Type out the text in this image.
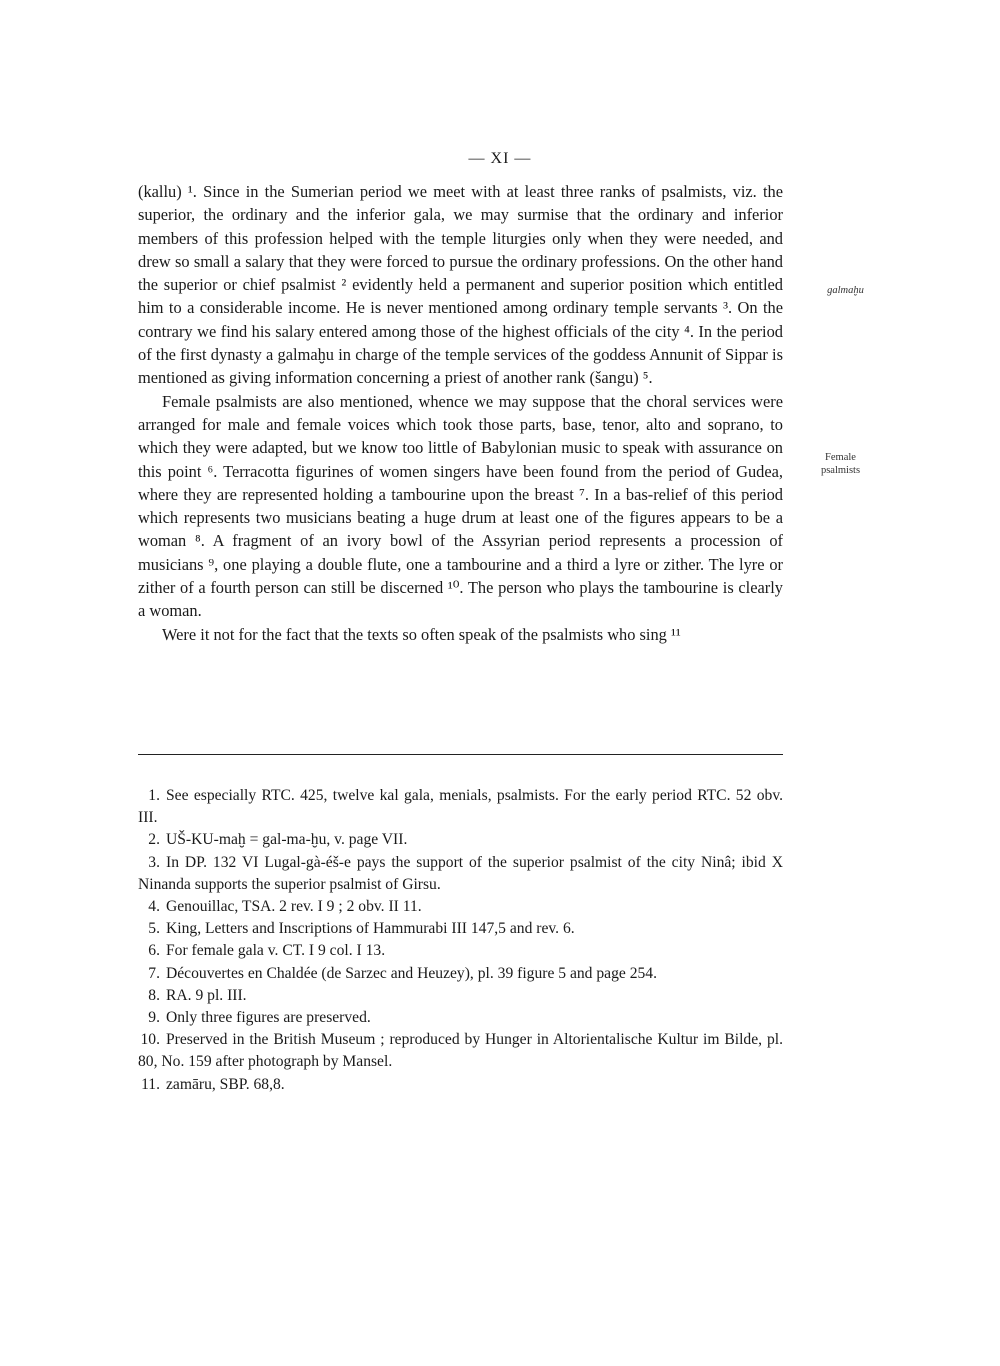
— XI —

(kallu) ¹. Since in the Sumerian period we meet with at least three ranks of psalmists, viz. the superior, the ordinary and the inferior gala, we may surmise that the ordinary and inferior members of this profession helped with the temple liturgies only when they were needed, and drew so small a salary that they were forced to pursue the ordinary professions. On the other hand the superior or chief psalmist ² evidently held a permanent and superior position which entitled him to a considerable income. He is never mentioned among ordinary temple servants ³. On the contrary we find his salary entered among those of the highest officials of the city ⁴. In the period of the first dynasty a galmaḫu in charge of the temple services of the goddess Annunit of Sippar is mentioned as giving information concerning a priest of another rank (šangu) ⁵.

Female psalmists are also mentioned, whence we may suppose that the choral services were arranged for male and female voices which took those parts, base, tenor, alto and soprano, to which they were adapted, but we know too little of Babylonian music to speak with assurance on this point ⁶. Terracotta figurines of women singers have been found from the period of Gudea, where they are represented holding a tambourine upon the breast ⁷. In a bas-relief of this period which represents two musicians beating a huge drum at least one of the figures appears to be a woman ⁸. A fragment of an ivory bowl of the Assyrian period represents a procession of musicians ⁹, one playing a double flute, one a tambourine and a third a lyre or zither. The lyre or zither of a fourth person can still be discerned ¹⁰. The person who plays the tambourine is clearly a woman.

Were it not for the fact that the texts so often speak of the psalmists who sing ¹¹

galmaḫu
Female
psalmists
1. See especially RTC. 425, twelve kal gala, menials, psalmists. For the early period RTC. 52 obv. III.
2. UŠ-KU-maḫ = gal-ma-ḫu, v. page VII.
3. In DP. 132 VI Lugal-gà-éš-e pays the support of the superior psalmist of the city Ninâ; ibid X Ninanda supports the superior psalmist of Girsu.
4. Genouillac, TSA. 2 rev. I 9 ; 2 obv. II 11.
5. King, Letters and Inscriptions of Hammurabi III 147,5 and rev. 6.
6. For female gala v. CT. I 9 col. I 13.
7. Découvertes en Chaldée (de Sarzec and Heuzey), pl. 39 figure 5 and page 254.
8. RA. 9 pl. III.
9. Only three figures are preserved.
10. Preserved in the British Museum ; reproduced by Hunger in Altorientalische Kultur im Bilde, pl. 80, No. 159 after photograph by Mansel.
11. zamāru, SBP. 68,8.
